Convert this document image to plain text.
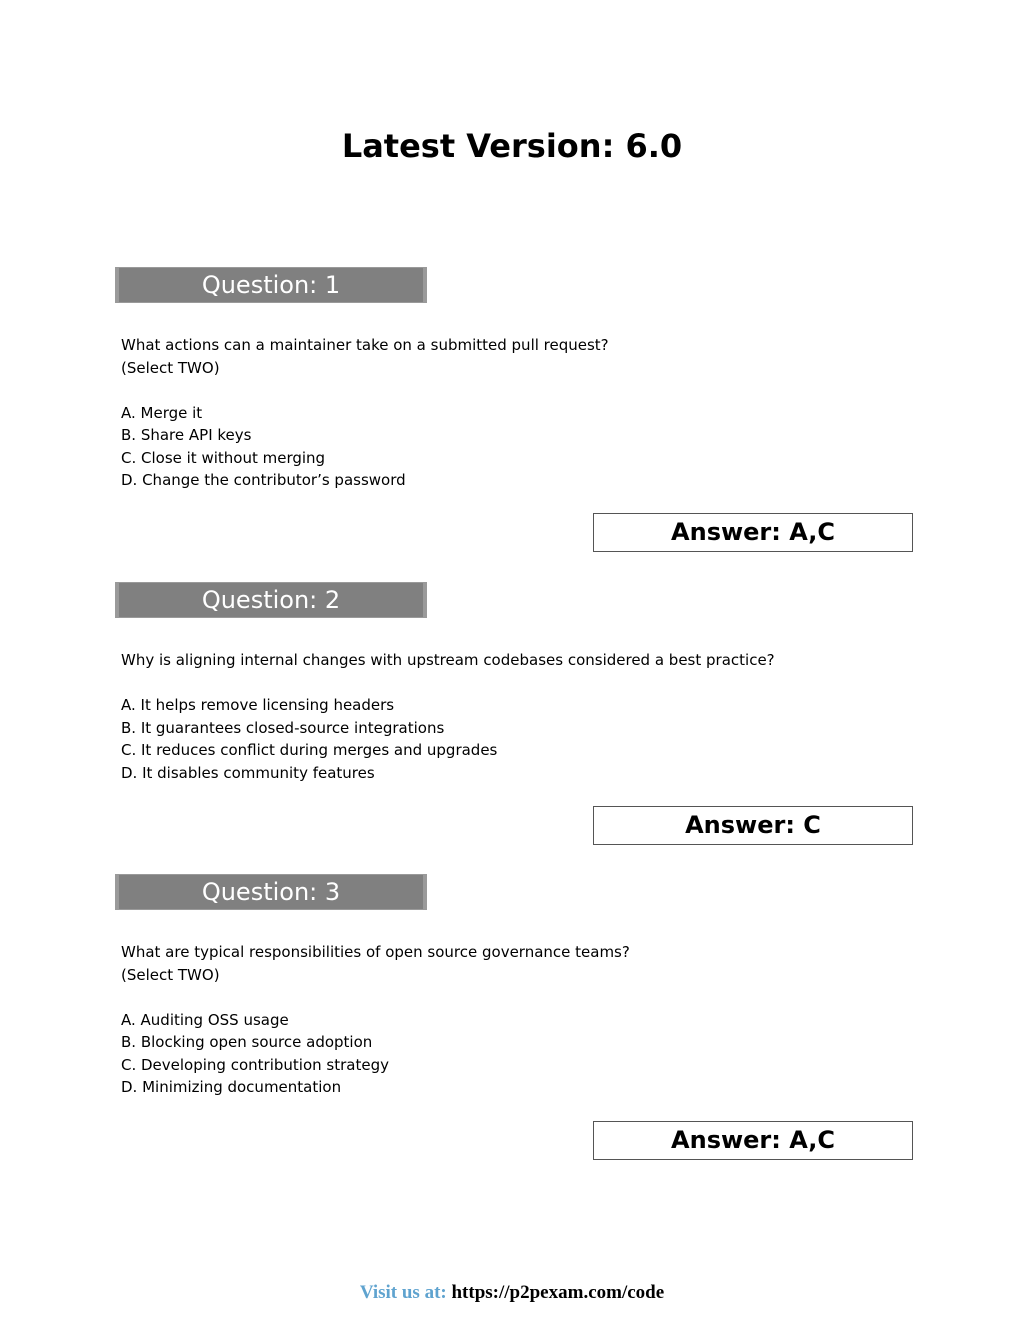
Latest Version: 6.0
Question: 1
What actions can a maintainer take on a submitted pull request?
(Select TWO)
A. Merge it
B. Share API keys
C. Close it without merging
D. Change the contributor’s password
Answer: A,C
Question: 2
Why is aligning internal changes with upstream codebases considered a best practice?
A. It helps remove licensing headers
B. It guarantees closed-source integrations
C. It reduces conflict during merges and upgrades
D. It disables community features
Answer: C
Question: 3
What are typical responsibilities of open source governance teams?
(Select TWO)
A. Auditing OSS usage
B. Blocking open source adoption
C. Developing contribution strategy
D. Minimizing documentation
Answer: A,C
Visit us at: https://p2pexam.com/code
